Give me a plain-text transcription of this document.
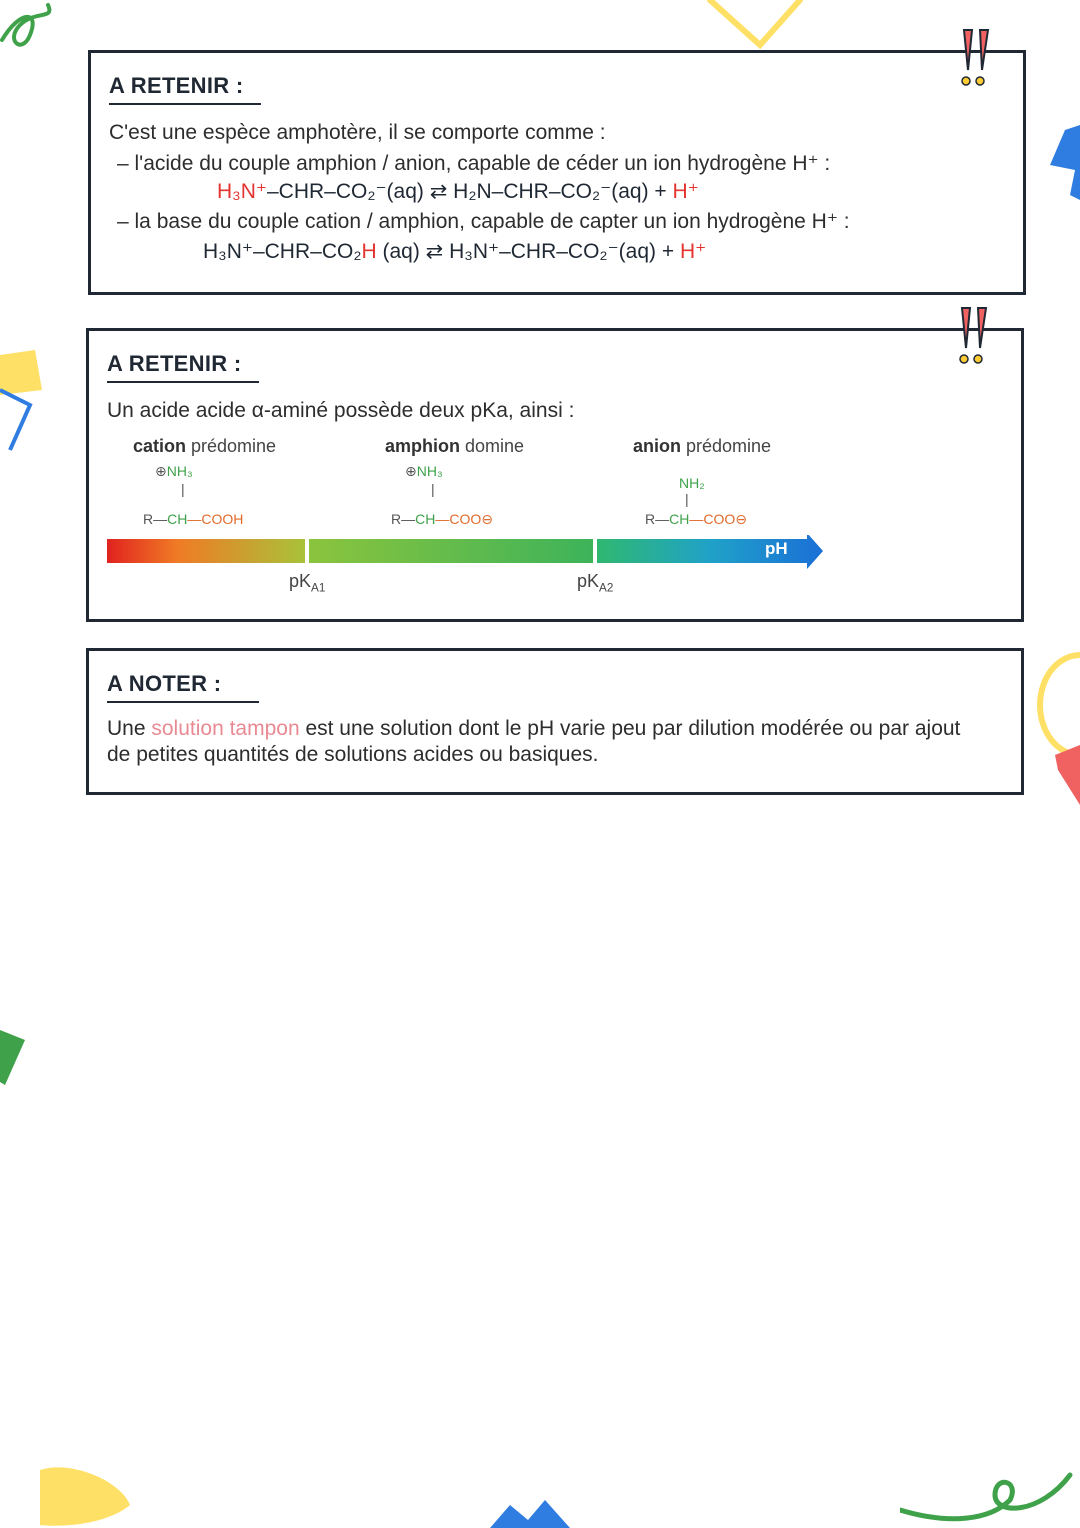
A RETENIR :
C'est une espèce amphotère, il se comporte comme :
– l'acide du couple amphion / anion, capable de céder un ion hydrogène H⁺ :
H₃N⁺–CHR–CO₂⁻(aq) ⇄ H₂N–CHR–CO₂⁻(aq) + H⁺
– la base du couple cation / amphion, capable de capter un ion hydrogène H⁺ :
H₃N⁺–CHR–CO₂H (aq) ⇄ H₃N⁺–CHR–CO₂⁻(aq) + H⁺
A RETENIR :
Un acide acide α-aminé possède deux pKa, ainsi :
cation prédomine
⊕NH₃
|
R—CH—COOH
amphion domine
⊕NH₃
|
R—CH—COO⊖
anion prédomine
NH₂
|
R—CH—COO⊖
pH
$pK_{A1}$	$pK_{A2}$
A NOTER :
Une solution tampon est une solution dont le pH varie peu par dilution modérée ou par ajout
de petites quantités de solutions acides ou basiques.
